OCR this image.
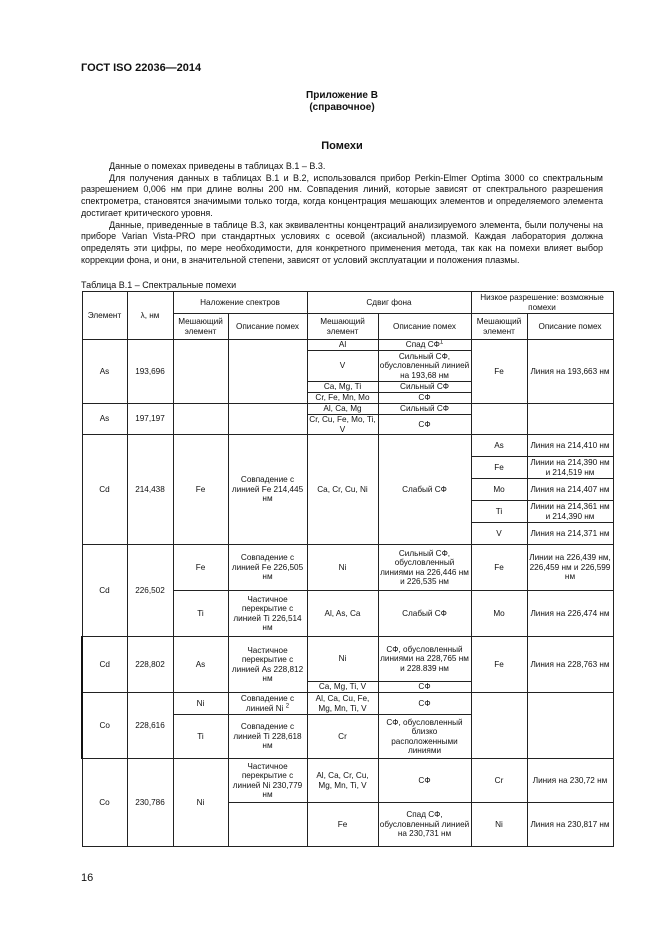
ГОСТ ISO 22036—2014
Приложение В
(справочное)
Помехи

Данные о помехах приведены в таблицах В.1 – В.3.

Для получения данных в таблицах В.1 и В.2, использовался прибор Perkin-Elmer Optima 3000 со спектральным разрешением 0,006 нм при длине волны 200 нм. Совпадения линий, которые зависят от спектрального разрешения спектрометра, становятся значимыми только тогда, когда концентрация мешающих элементов и определяемого элемента достигает критического уровня.

Данные, приведенные в таблице В.3, как эквивалентны концентраций анализируемого элемента, были получены на приборе Varian Vista-PRO при стандартных условиях с осевой (аксиальной) плазмой. Каждая лаборатория должна определять эти цифры, по мере необходимости, для конкретного применения метода, так как на помехи влияет выбор коррекции фона, и они, в значительной степени, зависят от условий эксплуатации и положения плазмы.

Таблица В.1 – Спектральные помехи
Элемент	λ, нм	Наложение спектров		Сдвиг фона		Низкое разрешение: возможные помехи	
		Мешающий элемент	Описание помех	Мешающий элемент	Описание помех	Мешающий элемент	Описание помех
As	193,696			Al	Спад $СФ^1$	Fe	Линия на 193,663 нм
				V	Сильный СФ, обусловленный линией на 193,68 нм		
				Ca, Mg, Ti	Сильный СФ		
				Cr, Fe, Mn, Mo	СФ		
As	197,197			Al, Ca, Mg	Сильный СФ		
				Cr, Cu, Fe, Mo, Ti, V	СФ		
Cd	214,438	Fe	Совпадение с линией Fe 214,445 нм	Ca, Cr, Cu, Ni	Слабый СФ	As	Линия на 214,410 нм
						Fe	Линии на 214,390 нм и 214,519 нм
						Mo	Линия на 214,407 нм
						Ti	Линии на 214,361 нм и 214,390 нм
						V	Линия на 214,371 нм
Cd	226,502	Fe	Совпадение с линией Fe 226,505 нм	Ni	Сильный СФ, обусловленный линиями на 226,446 нм и 226,535 нм	Fe	Линии на 226,439 нм, 226,459 нм и 226,599 нм
		Ti	Частичное перекрытие с линией Ti 226,514 нм	Al, As, Ca	Слабый СФ	Mo	Линия на 226,474 нм
Cd	228,802	As	Частичное перекрытие с линией As 228,812 нм	Ni	СФ, обусловленный линиями на 228,765 нм и 228.839 нм	Fe	Линия на 228,763 нм
				Ca, Mg, Ti, V	СФ		
Co	228,616	Ni	Совпадение с линией Ni $^2$	Al, Ca, Cu, Fe, Mg, Mn, Ti, V	СФ		
		Ti	Совпадение с линией Ti 228,618 нм	Cr	СФ, обусловленный близко расположенными линиями		
Co	230,786	Ni	Частичное перекрытие с линией Ni 230,779 нм	Al, Ca, Cr, Cu, Mg, Mn, Ti, V	СФ	Cr	Линия на 230,72 нм
				Fe	Спад СФ, обусловленный линией на 230,731 нм	Ni	Линия на 230,817 нм
16
